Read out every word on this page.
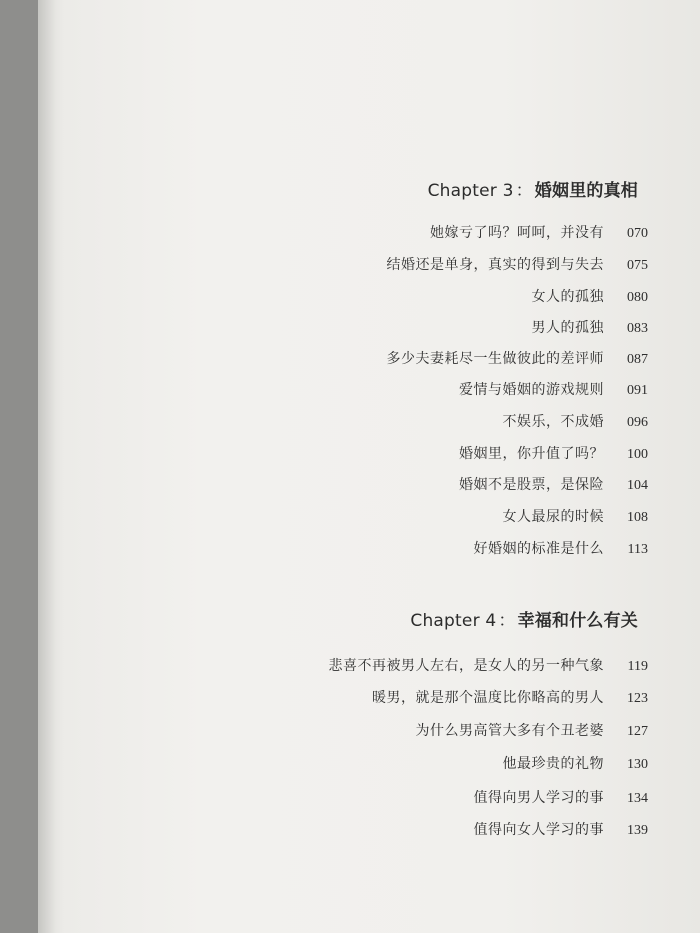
Chapter 3 ： 婚姻里的真相
她嫁亏了吗？呵呵，并没有	070
结婚还是单身，真实的得到与失去	075
女人的孤独	080
男人的孤独	083
多少夫妻耗尽一生做彼此的差评师	087
爱情与婚姻的游戏规则	091
不娱乐，不成婚	096
婚姻里，你升值了吗？	100
婚姻不是股票，是保险	104
女人最尿的时候	108
好婚姻的标准是什么	113
Chapter 4 ： 幸福和什么有关
悲喜不再被男人左右，是女人的另一种气象	119
暖男，就是那个温度比你略高的男人	123
为什么男高管大多有个丑老婆	127
他最珍贵的礼物	130
值得向男人学习的事	134
值得向女人学习的事	139
